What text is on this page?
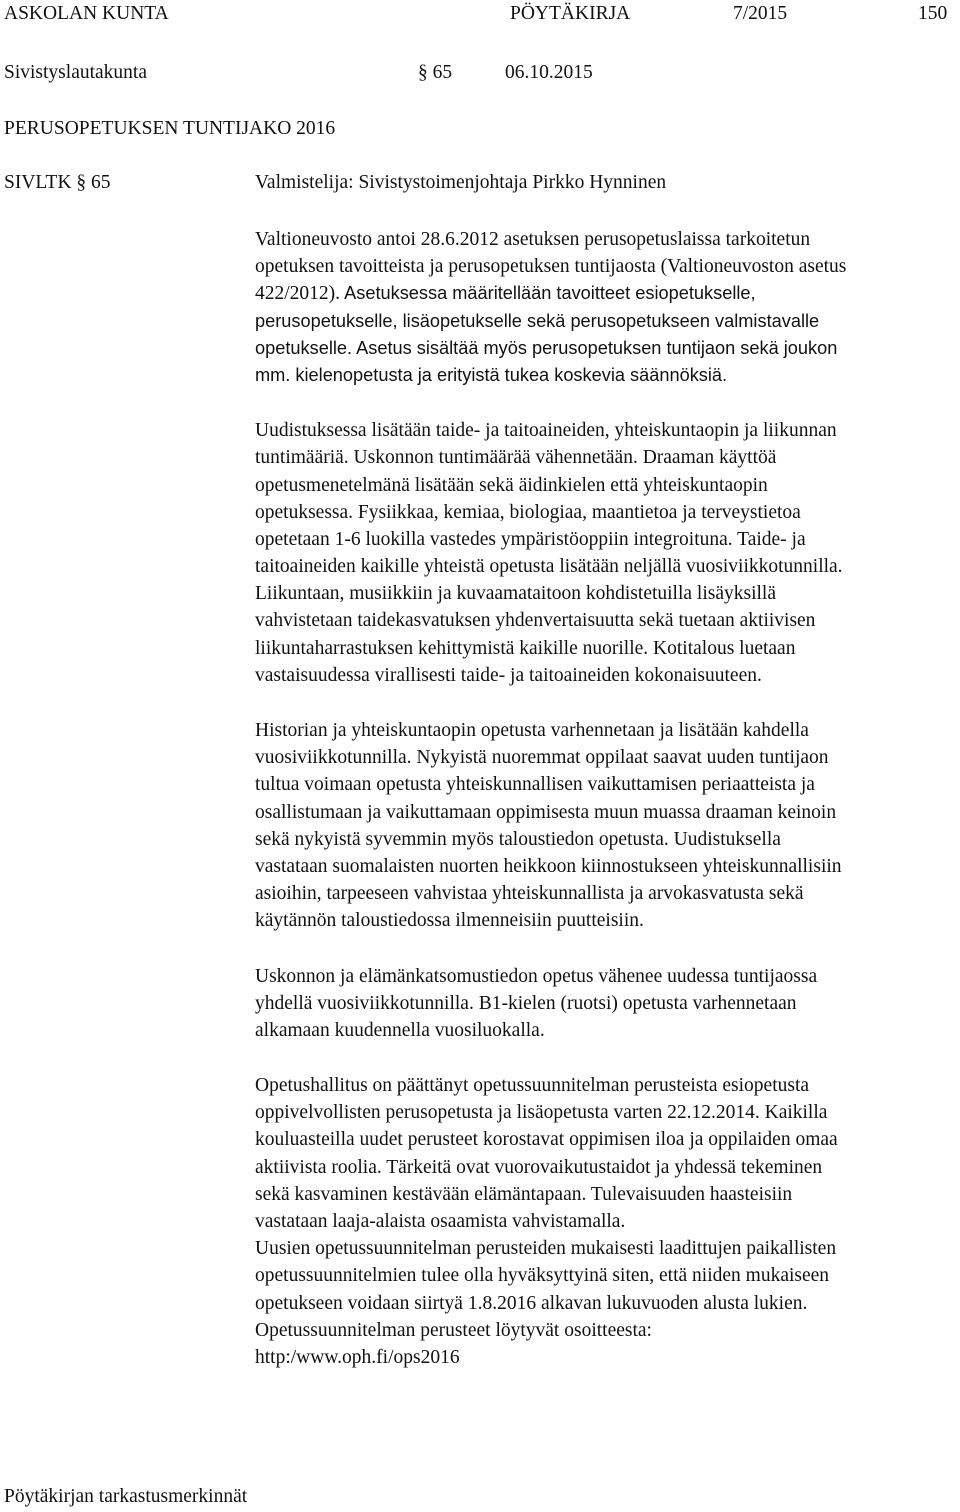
ASKOLAN KUNTA	PÖYTÄKIRJA	7/2015	150
Sivistyslautakunta	§ 65	06.10.2015
PERUSOPETUKSEN TUNTIJAKO 2016
SIVLTK § 65	Valmistelija: Sivistystoimenjohtaja Pirkko Hynninen
Valtioneuvosto antoi 28.6.2012 asetuksen perusopetuslaissa tarkoitetun
opetuksen tavoitteista ja perusopetuksen tuntijaosta (Valtioneuvoston asetus
422/2012). Asetuksessa määritellään tavoitteet esiopetukselle,
perusopetukselle, lisäopetukselle sekä perusopetukseen valmistavalle
opetukselle. Asetus sisältää myös perusopetuksen tuntijaon sekä joukon
mm. kielenopetusta ja erityistä tukea koskevia säännöksiä.
Uudistuksessa lisätään taide- ja taitoaineiden, yhteiskuntaopin ja liikunnan
tuntimääriä. Uskonnon tuntimäärää vähennetään. Draaman käyttöä
opetusmenetelmänä lisätään sekä äidinkielen että yhteiskuntaopin
opetuksessa. Fysiikkaa, kemiaa, biologiaa, maantietoa ja terveystietoa
opetetaan 1-6 luokilla vastedes ympäristöoppiin integroituna. Taide- ja
taitoaineiden kaikille yhteistä opetusta lisätään neljällä vuosiviikkotunnilla.
Liikuntaan, musiikkiin ja kuvaamataitoon kohdistetuilla lisäyksillä
vahvistetaan taidekasvatuksen yhdenvertaisuutta sekä tuetaan aktiivisen
liikuntaharrastuksen kehittymistä kaikille nuorille. Kotitalous luetaan
vastaisuudessa virallisesti taide- ja taitoaineiden kokonaisuuteen.
Historian ja yhteiskuntaopin opetusta varhennetaan ja lisätään kahdella
vuosiviikkotunnilla. Nykyistä nuoremmat oppilaat saavat uuden tuntijaon
tultua voimaan opetusta yhteiskunnallisen vaikuttamisen periaatteista ja
osallistumaan ja vaikuttamaan oppimisesta muun muassa draaman keinoin
sekä nykyistä syvemmin myös taloustiedon opetusta. Uudistuksella
vastataan suomalaisten nuorten heikkoon kiinnostukseen yhteiskunnallisiin
asioihin, tarpeeseen vahvistaa yhteiskunnallista ja arvokasvatusta sekä
käytännön taloustiedossa ilmenneisiin puutteisiin.
Uskonnon ja elämänkatsomustiedon opetus vähenee uudessa tuntijaossa
yhdellä vuosiviikkotunnilla. B1-kielen (ruotsi) opetusta varhennetaan
alkamaan kuudennella vuosiluokalla.
Opetushallitus on päättänyt opetussuunnitelman perusteista esiopetusta
oppivelvollisten perusopetusta ja lisäopetusta varten 22.12.2014. Kaikilla
kouluasteilla uudet perusteet korostavat oppimisen iloa ja oppilaiden omaa
aktiivista roolia. Tärkeitä ovat vuorovaikutustaidot ja yhdessä tekeminen
sekä kasvaminen kestävään elämäntapaan. Tulevaisuuden haasteisiin
vastataan laaja-alaista osaamista vahvistamalla.
Uusien opetussuunnitelman perusteiden mukaisesti laadittujen paikallisten
opetussuunnitelmien tulee olla hyväksyttyinä siten, että niiden mukaiseen
opetukseen voidaan siirtyä 1.8.2016 alkavan lukuvuoden alusta lukien.
Opetussuunnitelman perusteet löytyvät osoitteesta:
http:/www.oph.fi/ops2016
Pöytäkirjan tarkastusmerkinnät
